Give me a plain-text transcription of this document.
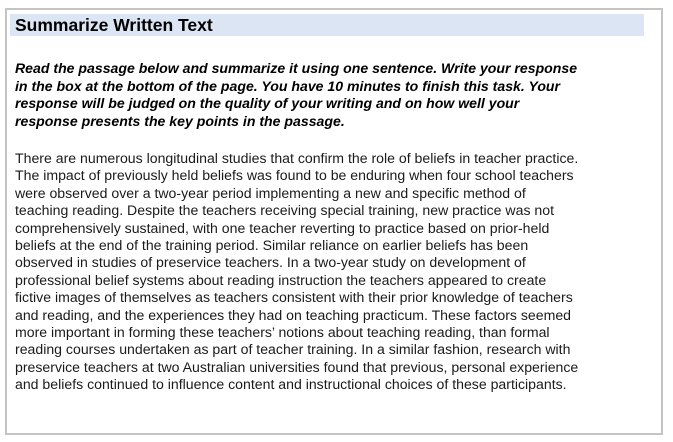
Summarize Written Text

Read the passage below and summarize it using one sentence. Write your response
in the box at the bottom of the page. You have 10 minutes to finish this task. Your
response will be judged on the quality of your writing and on how well your
response presents the key points in the passage.

There are numerous longitudinal studies that confirm the role of beliefs in teacher practice.
The impact of previously held beliefs was found to be enduring when four school teachers
were observed over a two-year period implementing a new and specific method of
teaching reading. Despite the teachers receiving special training, new practice was not
comprehensively sustained, with one teacher reverting to practice based on prior-held
beliefs at the end of the training period. Similar reliance on earlier beliefs has been
observed in studies of preservice teachers. In a two-year study on development of
professional belief systems about reading instruction the teachers appeared to create
fictive images of themselves as teachers consistent with their prior knowledge of teachers
and reading, and the experiences they had on teaching practicum. These factors seemed
more important in forming these teachers’ notions about teaching reading, than formal
reading courses undertaken as part of teacher training. In a similar fashion, research with
preservice teachers at two Australian universities found that previous, personal experience
and beliefs continued to influence content and instructional choices of these participants.
